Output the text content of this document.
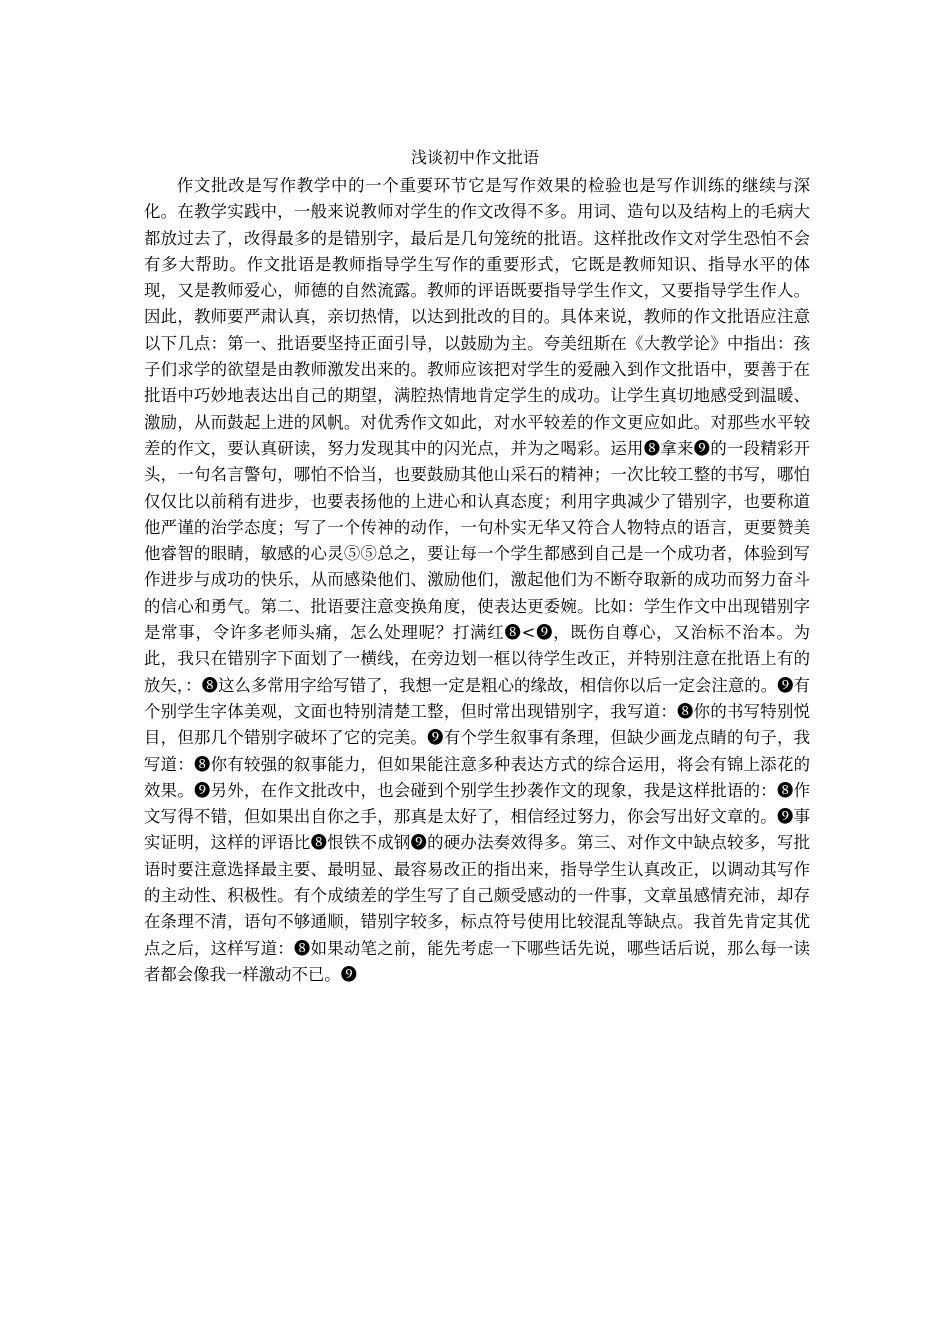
浅谈初中作文批语

作文批改是写作教学中的一个重要环节它是写作效果的检验也是写作训练的继续与深化。在教学实践中，一般来说教师对学生的作文改得不多。用词、造句以及结构上的毛病大都放过去了，改得最多的是错别字，最后是几句笼统的批语。这样批改作文对学生恐怕不会有多大帮助。作文批语是教师指导学生写作的重要形式，它既是教师知识、指导水平的体现，又是教师爱心，师德的自然流露。教师的评语既要指导学生作文，又要指导学生作人。因此，教师要严肃认真，亲切热情，以达到批改的目的。具体来说，教师的作文批语应注意以下几点：第一、批语要坚持正面引导，以鼓励为主。夸美纽斯在《大教学论》中指出：孩子们求学的欲望是由教师激发出来的。教师应该把对学生的爱融入到作文批语中，要善于在批语中巧妙地表达出自己的期望，满腔热情地肯定学生的成功。让学生真切地感受到温暖、激励，从而鼓起上进的风帆。对优秀作文如此，对水平较差的作文更应如此。对那些水平较差的作文，要认真研读，努力发现其中的闪光点，并为之喝彩。运用❽拿来❾的一段精彩开头，一句名言警句，哪怕不恰当，也要鼓励其他山采石的精神；一次比较工整的书写，哪怕仅仅比以前稍有进步，也要表扬他的上进心和认真态度；利用字典减少了错别字，也要称道他严谨的治学态度；写了一个传神的动作，一句朴实无华又符合人物特点的语言，更要赞美他睿智的眼睛，敏感的心灵⑤⑤总之，要让每一个学生都感到自己是一个成功者，体验到写作进步与成功的快乐，从而感染他们、激励他们，激起他们为不断夺取新的成功而努力奋斗的信心和勇气。第二、批语要注意变换角度，使表达更委婉。比如：学生作文中出现错别字是常事，令许多老师头痛，怎么处理呢？打满红❽<❾，既伤自尊心，又治标不治本。为此，我只在错别字下面划了一横线，在旁边划一框以待学生改正，并特别注意在批语上有的放矢，：❽这么多常用字给写错了，我想一定是粗心的缘故，相信你以后一定会注意的。❾有个别学生字体美观，文面也特别清楚工整，但时常出现错别字，我写道：❽你的书写特别悦目，但那几个错别字破坏了它的完美。❾有个学生叙事有条理，但缺少画龙点睛的句子，我写道：❽你有较强的叙事能力，但如果能注意多种表达方式的综合运用，将会有锦上添花的效果。❾另外，在作文批改中，也会碰到个别学生抄袭作文的现象，我是这样批语的：❽作文写得不错，但如果出自你之手，那真是太好了，相信经过努力，你会写出好文章的。❾事实证明，这样的评语比❽恨铁不成钢❾的硬办法奏效得多。第三、对作文中缺点较多，写批语时要注意选择最主要、最明显、最容易改正的指出来，指导学生认真改正，以调动其写作的主动性、积极性。有个成绩差的学生写了自己颇受感动的一件事，文章虽感情充沛，却存在条理不清，语句不够通顺，错别字较多，标点符号使用比较混乱等缺点。我首先肯定其优点之后，这样写道：❽如果动笔之前，能先考虑一下哪些话先说，哪些话后说，那么每一读者都会像我一样激动不已。❾
